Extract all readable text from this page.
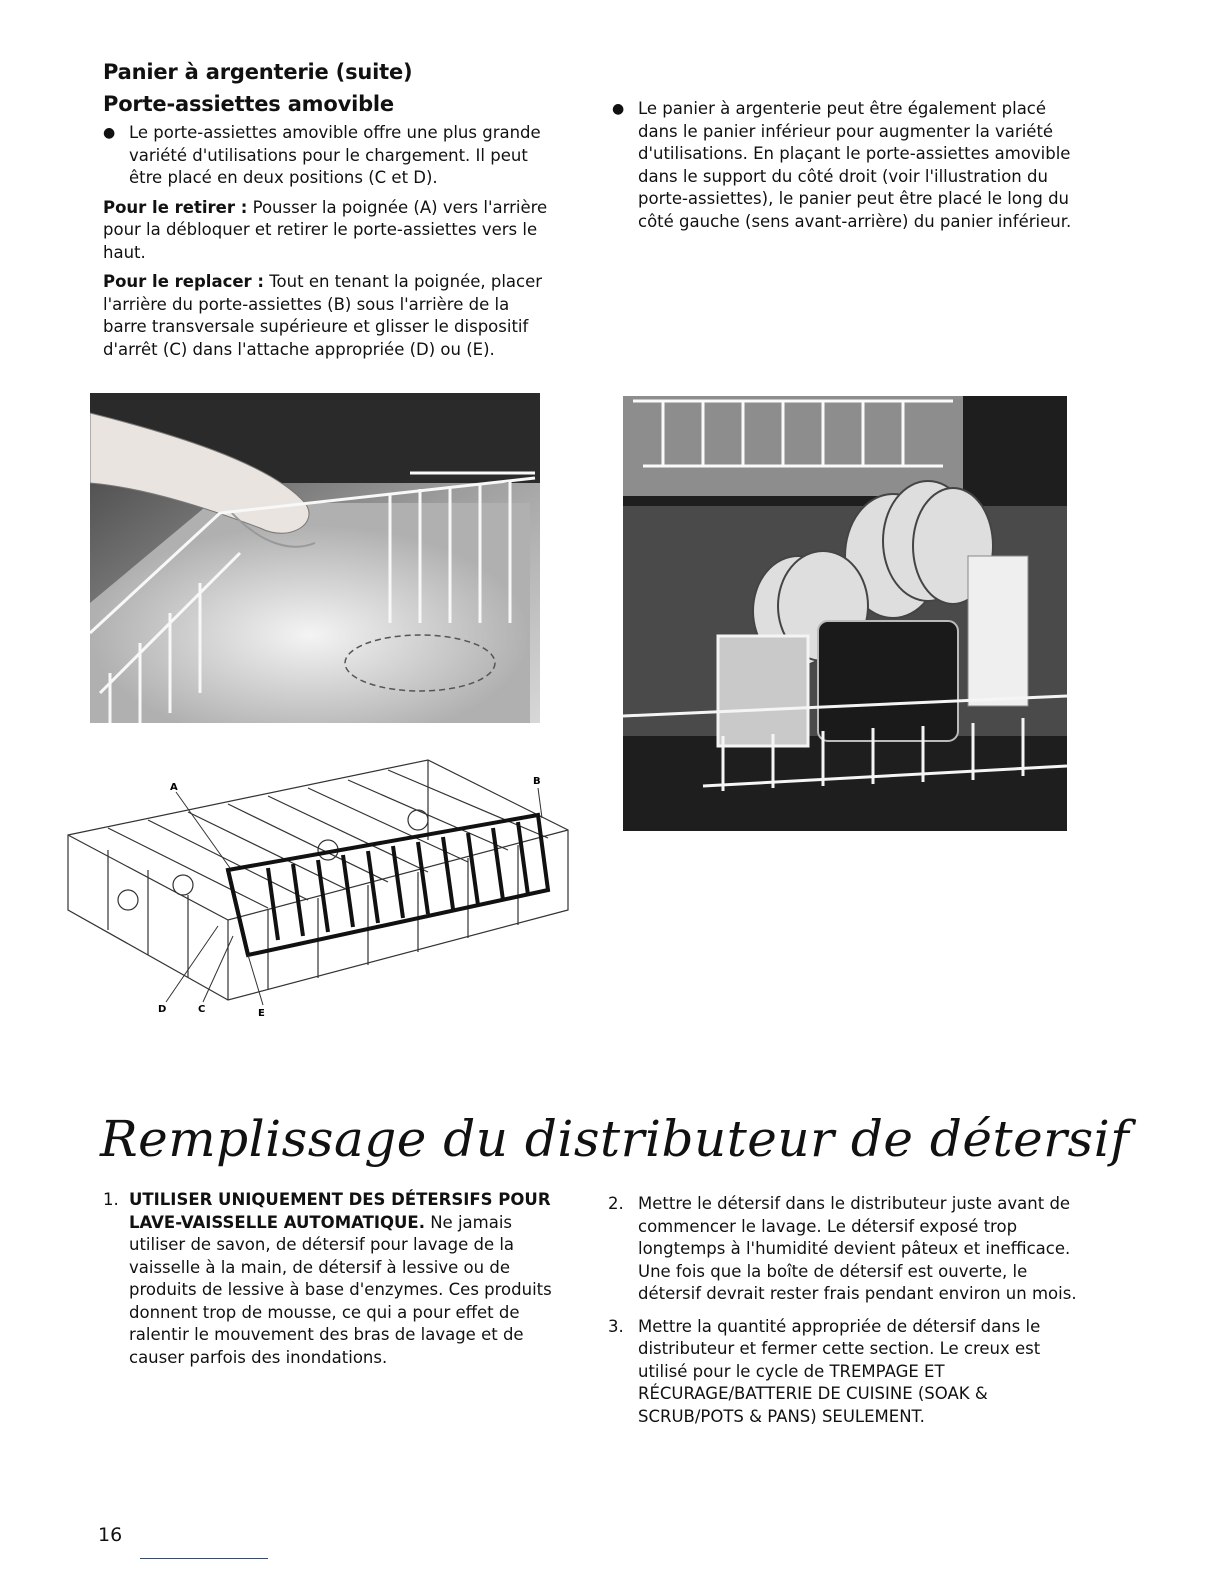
Panier à argenterie (suite)
Porte-assiettes amovible
● Le porte-assiettes amovible offre une plus grande variété d'utilisations pour le chargement. Il peut être placé en deux positions (C et D).

Pour le retirer : Pousser la poignée (A) vers l'arrière pour la débloquer et retirer le porte-assiettes vers le haut.

Pour le replacer : Tout en tenant la poignée, placer l'arrière du porte-assiettes (B) sous l'arrière de la barre transversale supérieure et glisser le dispositif d'arrêt (C) dans l'attache appropriée (D) ou (E).

● Le panier à argenterie peut être également placé dans le panier inférieur pour augmenter la variété d'utilisations. En plaçant le porte-assiettes amovible dans le support du côté droit (voir l'illustration du porte-assiettes), le panier peut être placé le long du côté gauche (sens avant-arrière) du panier inférieur.

A
B
D	C	E
Remplissage du distributeur de détersif
1. UTILISER UNIQUEMENT DES DÉTERSIFS POUR LAVE-VAISSELLE AUTOMATIQUE. Ne jamais utiliser de savon, de détersif pour lavage de la vaisselle à la main, de détersif à lessive ou de produits de lessive à base d'enzymes. Ces produits donnent trop de mousse, ce qui a pour effet de ralentir le mouvement des bras de lavage et de causer parfois des inondations.
2. Mettre le détersif dans le distributeur juste avant de commencer le lavage. Le détersif exposé trop longtemps à l'humidité devient pâteux et inefficace. Une fois que la boîte de détersif est ouverte, le détersif devrait rester frais pendant environ un mois.
3. Mettre la quantité appropriée de détersif dans le distributeur et fermer cette section. Le creux est utilisé pour le cycle de TREMPAGE ET RÉCURAGE/BATTERIE DE CUISINE (SOAK & SCRUB/POTS & PANS) SEULEMENT.
16
